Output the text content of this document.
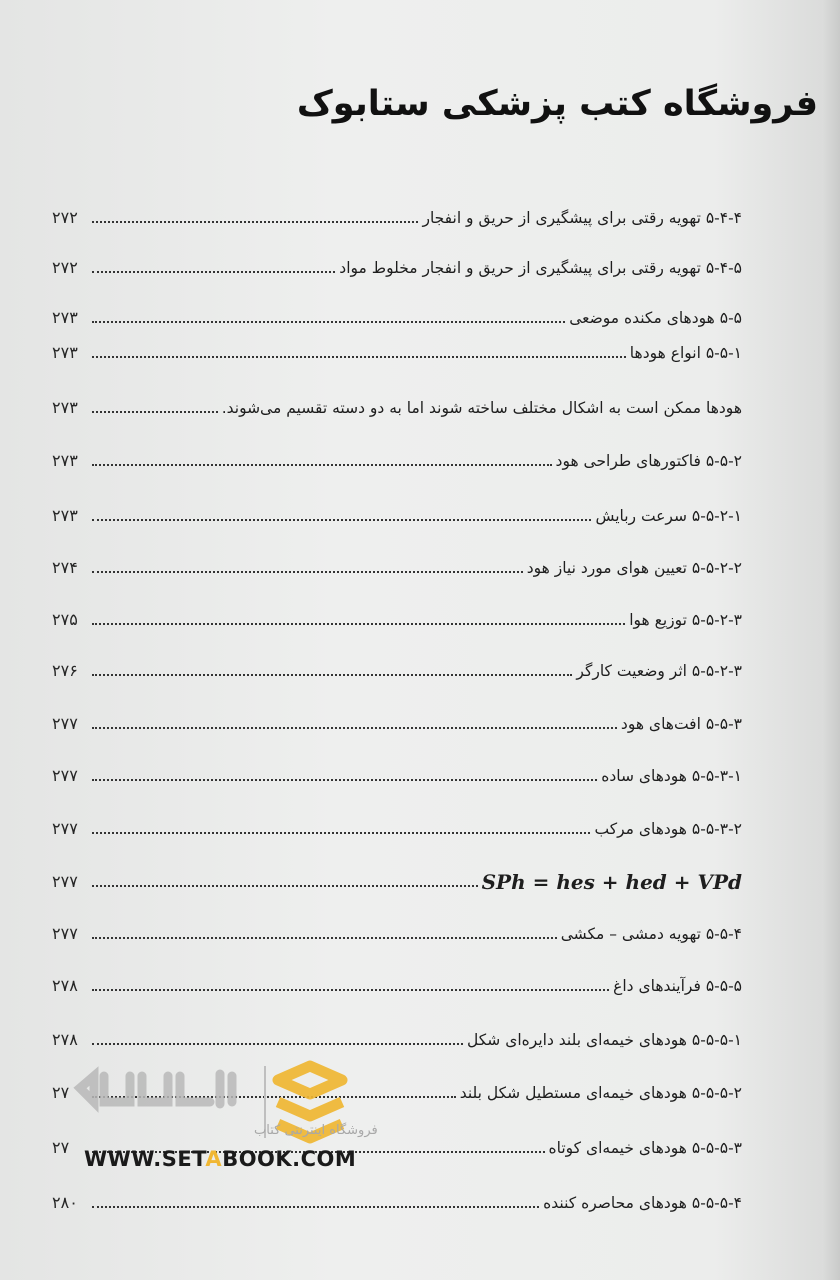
فروشگاه کتب پزشکی ستابوک
۲۷۲	۵-۴-۴ تهویه رقتی برای پیشگیری از حریق و انفجار
۲۷۲	۵-۴-۵ تهویه رقتی برای پیشگیری از حریق و انفجار مخلوط مواد
۲۷۳	۵-۵ هودهای مکنده موضعی
۲۷۳	۵-۵-۱ انواع هودها
۲۷۳	هودها ممکن است به اشکال مختلف ساخته شوند اما به دو دسته تقسیم می‌شوند.
۲۷۳	۵-۵-۲ فاکتورهای طراحی هود
۲۷۳	۵-۵-۲-۱ سرعت ربایش
۲۷۴	۵-۵-۲-۲ تعیین هوای مورد نیاز هود
۲۷۵	۵-۵-۲-۳ توزیع هوا
۲۷۶	۵-۵-۲-۳ اثر وضعیت کارگر
۲۷۷	۵-۵-۳ افت‌های هود
۲۷۷	۵-۵-۳-۱ هودهای ساده
۲۷۷	۵-۵-۳-۲ هودهای مرکب
۲۷۷	SPh = hes + hed + VPd
۲۷۷	۵-۵-۴ تهویه دمشی – مکشی
۲۷۸	۵-۵-۵ فرآیندهای داغ
۲۷۸	۵-۵-۵-۱ هودهای خیمه‌ای بلند دایره‌ای شکل
۲۷	۵-۵-۵-۲ هودهای خیمه‌ای مستطیل شکل بلند
۲۷	۵-۵-۵-۳ هودهای خیمه‌ای کوتاه
۲۸۰	۵-۵-۵-۴ هودهای محاصره کننده
فروشگاه اینترنتی کتاب
WWW.SETABOOK.COM
